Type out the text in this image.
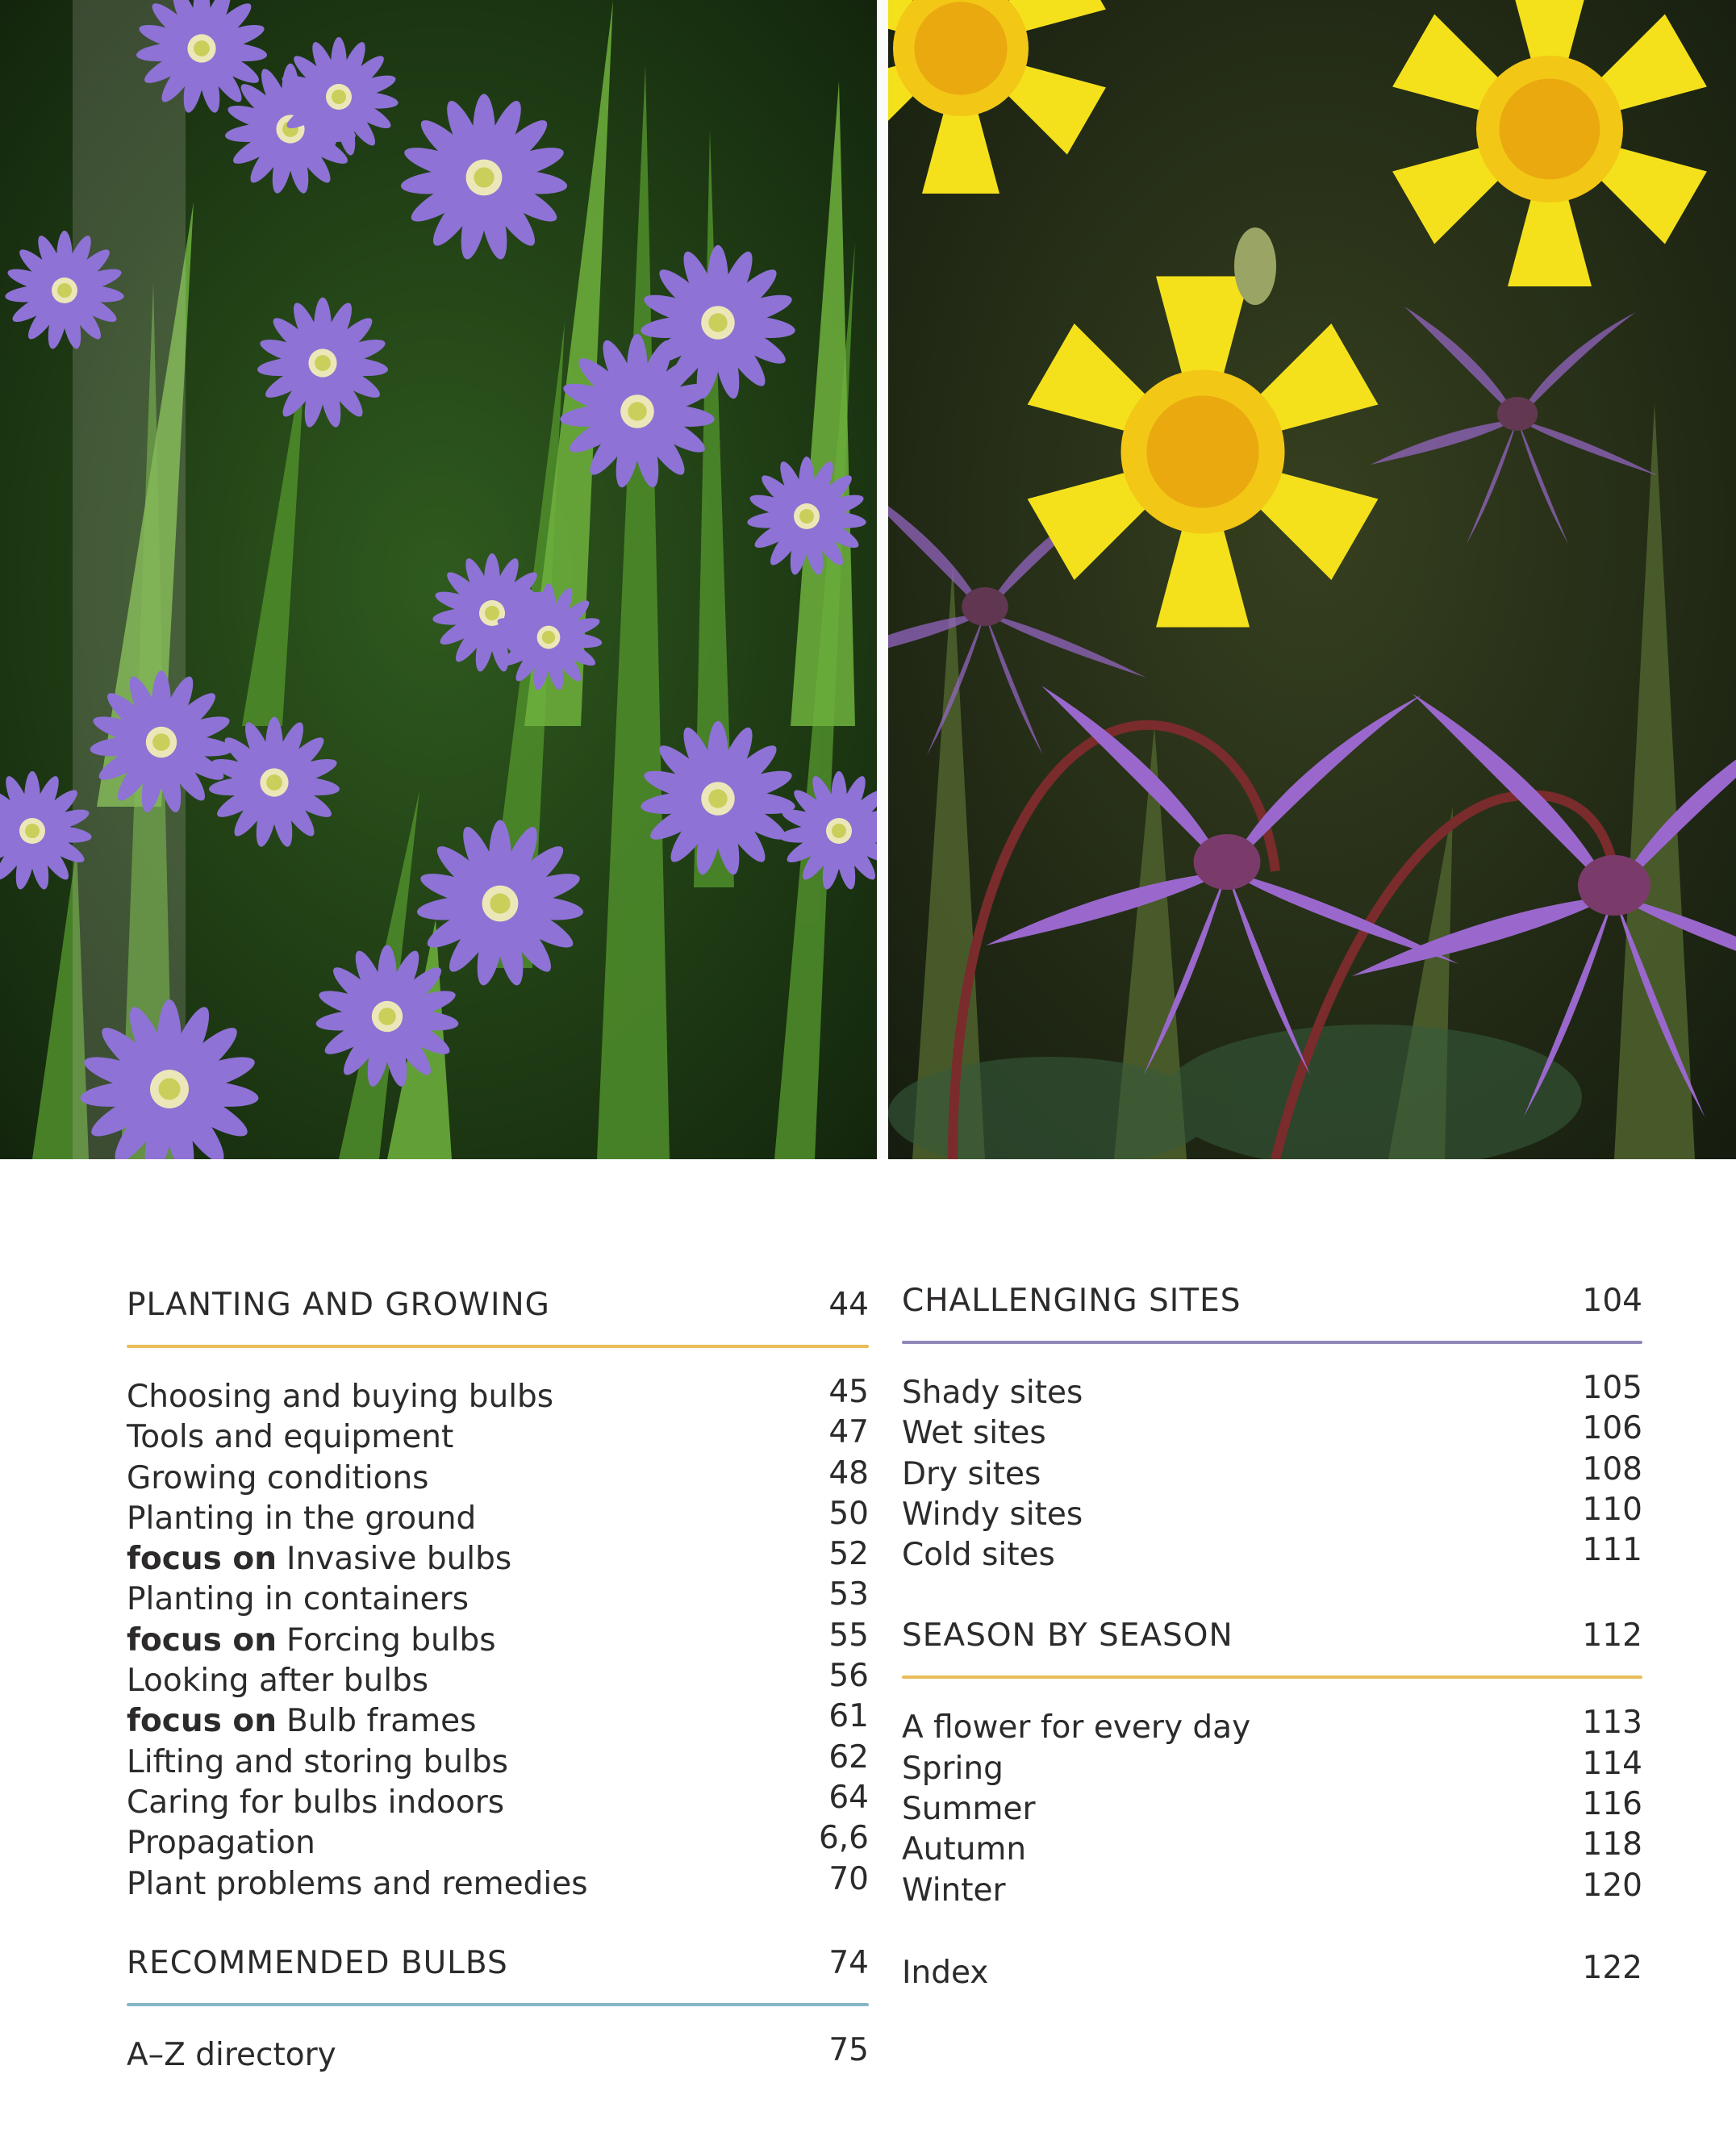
PLANTING AND GROWING	44
Choosing and buying bulbs	45
Tools and equipment	47
Growing conditions	48
Planting in the ground	50
focus on Invasive bulbs	52
Planting in containers	53
focus on Forcing bulbs	55
Looking after bulbs	56
focus on Bulb frames	61
Lifting and storing bulbs	62
Caring for bulbs indoors	64
Propagation	6,6
Plant problems and remedies	70
RECOMMENDED BULBS	74
A–Z directory	75
CHALLENGING SITES	104
Shady sites	105
Wet sites	106
Dry sites	108
Windy sites	110
Cold sites	111
SEASON BY SEASON	112
A flower for every day	113
Spring	114
Summer	116
Autumn	118
Winter	120
Index	122
